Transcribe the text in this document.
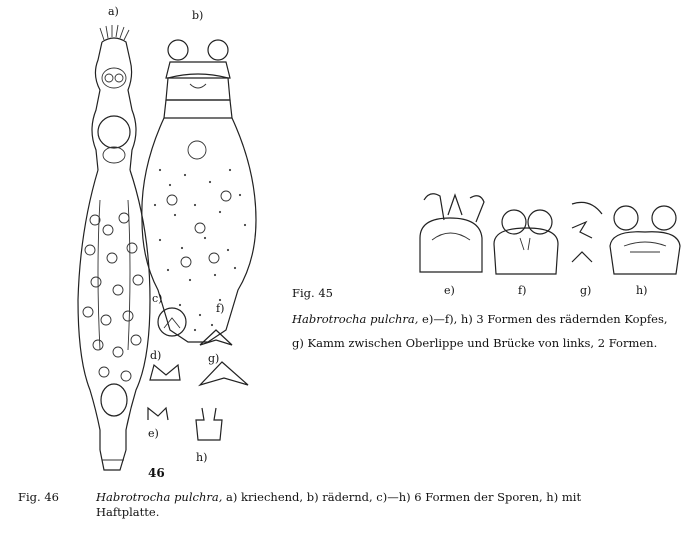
a)	b)
c)
f)
d)	g)
e)
h)
46
e)	f)	g)	h)
Fig. 45
Habrotrocha pulchra, e)—f), h) 3 Formen des rädernden Kopfes,
g) Kamm zwischen Oberlippe und Brücke von links, 2 Formen.
Fig. 46	Habrotrocha pulchra, a) kriechend, b) rädernd, c)—h) 6 Formen der Sporen, h) mit
Haftplatte.
